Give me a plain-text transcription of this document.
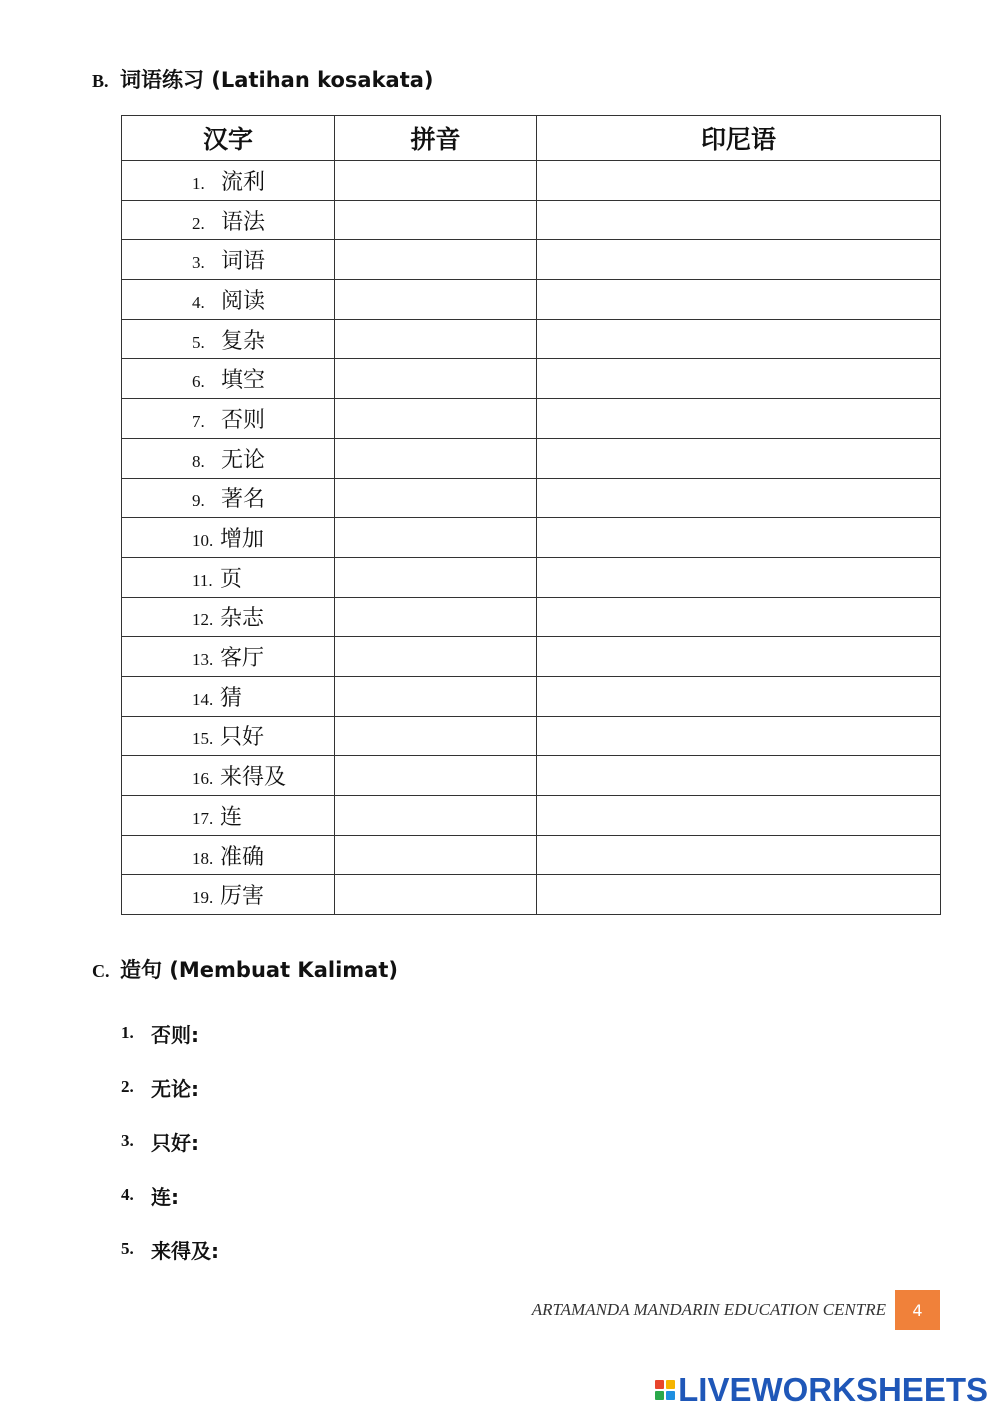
B. 词语练习 (Latihan kosakata)
汉字	拼音	印尼语
1. 流利		
2. 语法		
3. 词语		
4. 阅读		
5. 复杂		
6. 填空		
7. 否则		
8. 无论		
9. 著名		
10. 增加		
11. 页		
12. 杂志		
13. 客厅		
14. 猜		
15. 只好		
16. 来得及		
17. 连		
18. 准确		
19. 厉害		
C. 造句 (Membuat Kalimat)
1. 否则:
2. 无论:
3. 只好:
4. 连:
5. 来得及:
ARTAMANDA MANDARIN EDUCATION CENTRE	4
LIVEWORKSHEETS
